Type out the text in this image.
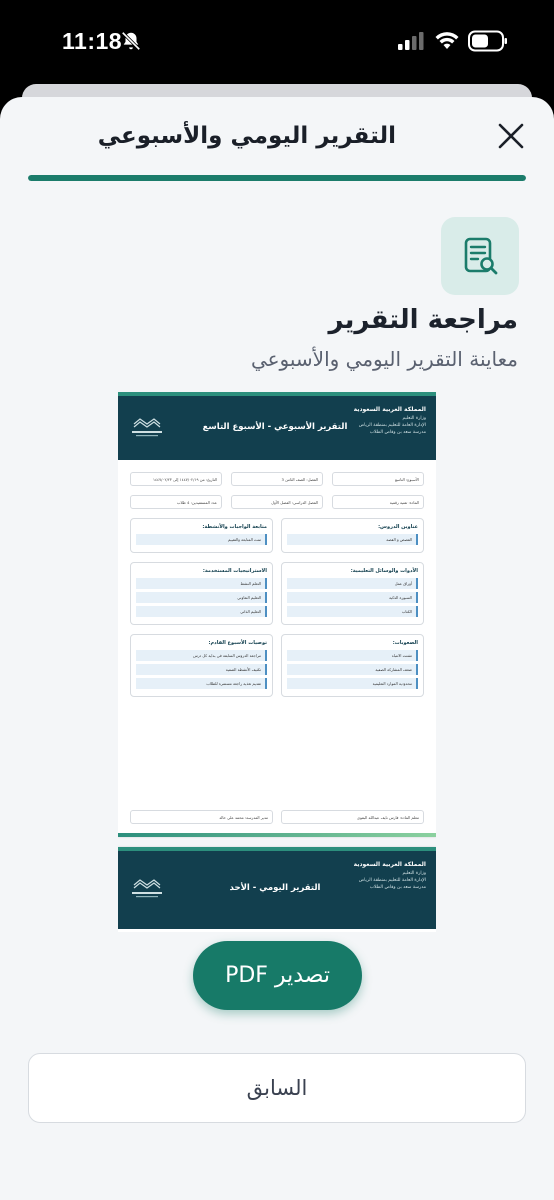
11:18
التقرير اليومي والأسبوعي
مراجعة التقرير
معاينة التقرير اليومي والأسبوعي
المملكة العربية السعودية
وزارة التعليم
الإدارة العامة للتعليم بمنطقة الرياض
مدرسة سعد بن وقاص الطلاب
التقرير الأسبوعي - الأسبوع التاسع
الأسبوع: التاسع
الفصل: الصف الثامن 3
التاريخ: من ١٤٤٧/٠٢/١٩ إلى ١٤٤٧/٠٢/٢٣
المادة: تقنية رقمية
الفصل الدراسي: الفصل الأول
عدد المستفيدين: 4 طلاب
عناوين الدروس:
القصص و القصة
متابعة الواجبات والأنشطة:
تمت المتابعة والتقييم
الأدوات والوسائل التعليمية:
أوراق عمل
السبورة الذكية
الكتاب
الاستراتيجيات المستخدمة:
التعلم النشط
التعليم التعاوني
التعليم الذاتي
الصعوبات:
تشتت الانتباه
ضعف المشاركة الصفية
محدودية الموارد التعليمية
توصيات الأسبوع القادم:
مراجعة الدروس السابقة في بداية كل درس
تكثيف الأنشطة الصفية
تقديم تغذية راجعة مستمرة للطلاب
معلم المادة: فارس نايف عبدالله البقوي
مدير المدرسة: محمد علي خالد
المملكة العربية السعودية
وزارة التعليم
الإدارة العامة للتعليم بمنطقة الرياض
مدرسة سعد بن وقاص الطلاب
التقرير اليومي - الأحد
تصدير PDF
السابق
